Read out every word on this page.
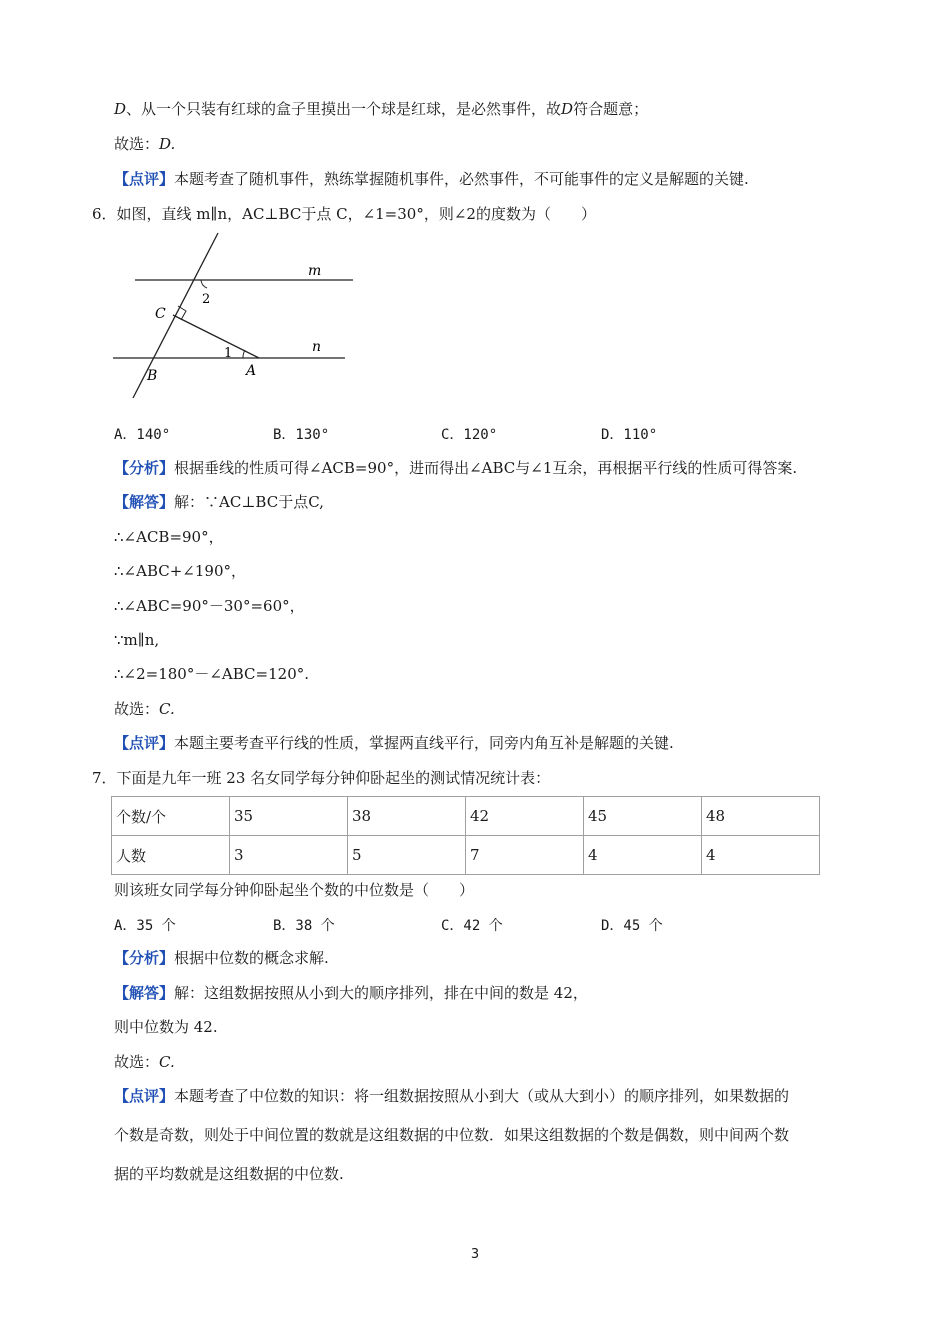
D、从一个只装有红球的盒子里摸出一个球是红球，是必然事件，故D符合题意；
故选：D.
【点评】本题考查了随机事件，熟练掌握随机事件，必然事件，不可能事件的定义是解题的关键.
6．如图，直线 m∥n，AC⊥BC于点 C，∠1=30°，则∠2的度数为（　　）
m
n
C
B	A
1
2
A．140°	B．130°	C．120°	D．110°
【分析】根据垂线的性质可得∠ACB=90°，进而得出∠ABC与∠1互余，再根据平行线的性质可得答案.
【解答】解：∵AC⊥BC于点C,
∴∠ACB=90°，
∴∠ABC+∠190°，
∴∠ABC=90°－30°=60°，
∵m∥n,
∴∠2=180°－∠ABC=120°.
故选：C.
【点评】本题主要考查平行线的性质，掌握两直线平行，同旁内角互补是解题的关键.
7．下面是九年一班 23 名女同学每分钟仰卧起坐的测试情况统计表：
个数/个	35	38	42	45	48
人数	3	5	7	4	4
则该班女同学每分钟仰卧起坐个数的中位数是（　　）
A．35 个	B．38 个	C．42 个	D．45 个
【分析】根据中位数的概念求解.
【解答】解：这组数据按照从小到大的顺序排列，排在中间的数是 42，
则中位数为 42.
故选：C.
【点评】本题考查了中位数的知识：将一组数据按照从小到大（或从大到小）的顺序排列，如果数据的
个数是奇数，则处于中间位置的数就是这组数据的中位数．如果这组数据的个数是偶数，则中间两个数
据的平均数就是这组数据的中位数.
3
